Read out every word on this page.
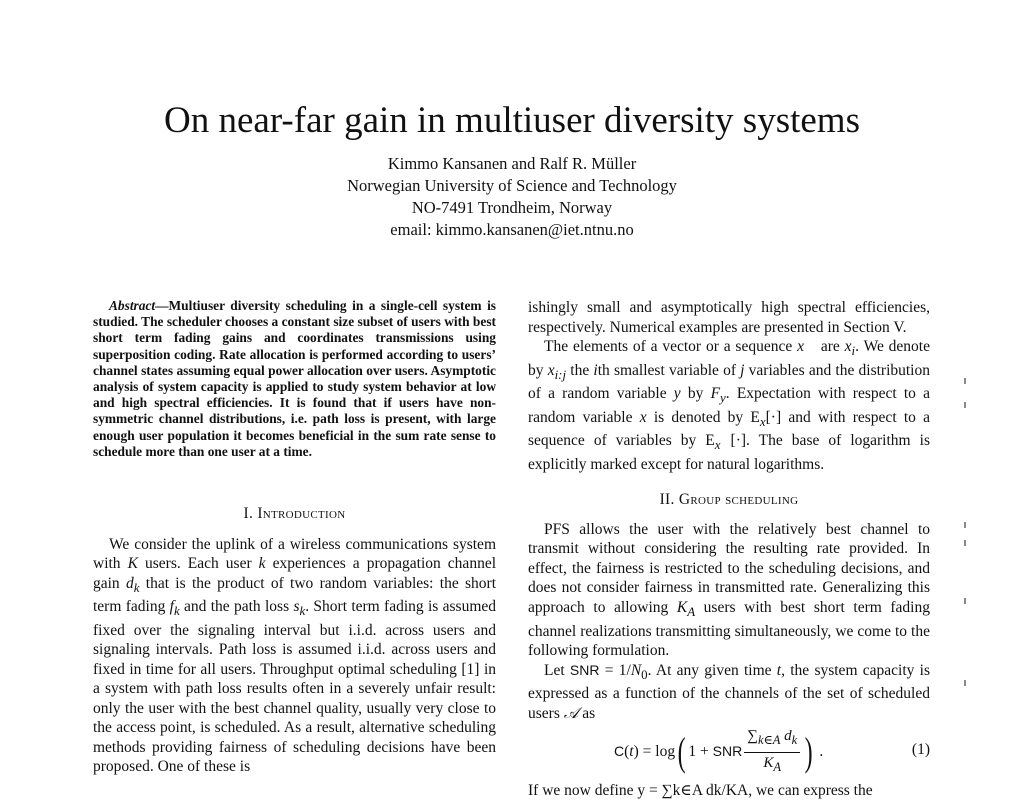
On near-far gain in multiuser diversity systems
Kimmo Kansanen and Ralf R. Müller
Norwegian University of Science and Technology
NO-7491 Trondheim, Norway
email: kimmo.kansanen@iet.ntnu.no

Abstract—Multiuser diversity scheduling in a single-cell system is studied. The scheduler chooses a constant size subset of users with best short term fading gains and coordinates transmissions using superposition coding. Rate allocation is performed according to users’ channel states assuming equal power allocation over users. Asymptotic analysis of system capacity is applied to study system behavior at low and high spectral efficiencies. It is found that if users have non-symmetric channel distributions, i.e. path loss is present, with large enough user population it becomes beneficial in the sum rate sense to schedule more than one user at a time.

I. Introduction

We consider the uplink of a wireless communications system with K users. Each user k experiences a propagation channel gain $d_k$ that is the product of two random variables: the short term fading $f_k$ and the path loss $s_k$. Short term fading is assumed fixed over the signaling interval but i.i.d. across users and signaling intervals. Path loss is assumed i.i.d. across users and fixed in time for all users. Throughput optimal scheduling [1] in a system with path loss results often in a severely unfair result: only the user with the best channel quality, usually very close to the access point, is scheduled. As a result, alternative scheduling methods providing fairness of scheduling decisions have been proposed. One of these is

ishingly small and asymptotically high spectral efficiencies, respectively. Numerical examples are presented in Section V.

The elements of a vector or a sequence x⃗ are $x_i$. We denote by $x_{i:j}$ the ith smallest variable of j variables and the distribution of a random variable y by $F_y$. Expectation with respect to a random variable x is denoted by $E_x[\cdot]$ and with respect to a sequence of variables by $E_{x⃗}[\cdot]$. The base of logarithm is explicitly marked except for natural logarithms.

II. Group scheduling

PFS allows the user with the relatively best channel to transmit without considering the resulting rate provided. In effect, the fairness is restricted to the scheduling decisions, and does not consider fairness in transmitted rate. Generalizing this approach to allowing $K_A$ users with best short term fading channel realizations transmitting simultaneously, we come to the following formulation.

Let SNR = $1/N_0$. At any given time t, the system capacity is expressed as a function of the channels of the set of scheduled users 𝒜 as

C ( t ) = log ( 1 + SNR $\frac{\sum_{k\in A} d_k}{K_A}$ ) .	(1)

If we now define y = ∑k∈A dk/KA, we can express the
